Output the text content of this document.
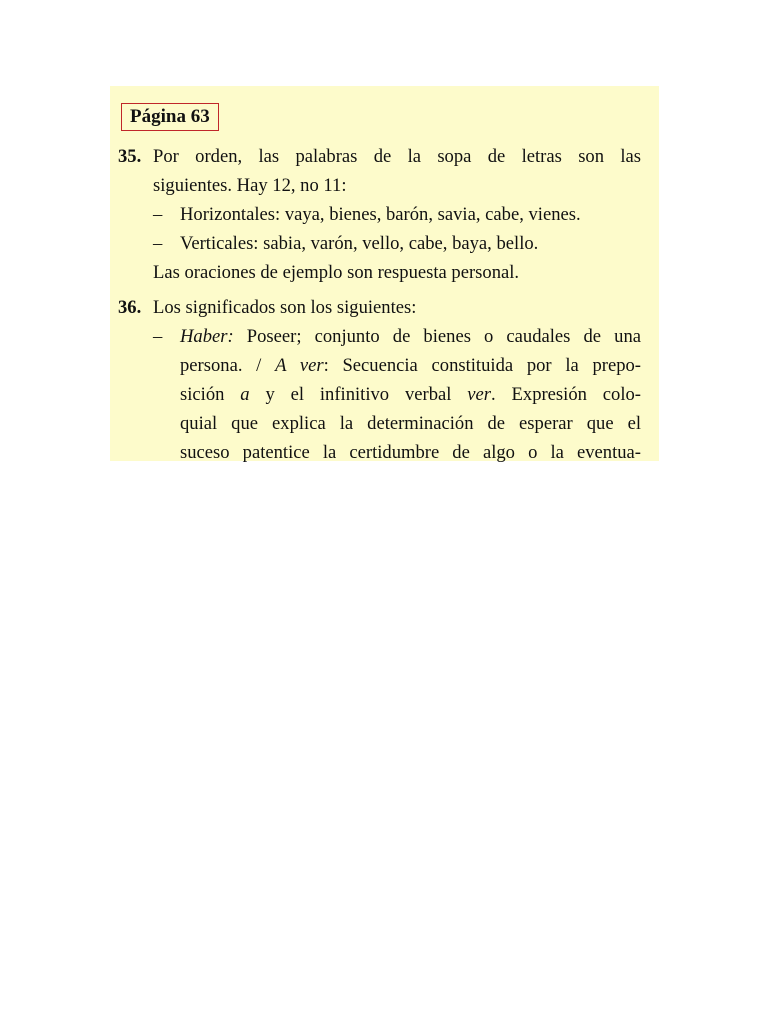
Página 63
35. Por orden, las palabras de la sopa de letras son las
siguientes. Hay 12, no 11:
– Horizontales: vaya, bienes, barón, savia, cabe, vienes.
– Verticales: sabia, varón, vello, cabe, baya, bello.
Las oraciones de ejemplo son respuesta personal.
36. Los significados son los siguientes:
– Haber: Poseer; conjunto de bienes o caudales de una
persona. / A ver: Secuencia constituida por la prepo-
sición a y el infinitivo verbal ver. Expresión colo-
quial que explica la determinación de esperar que el
suceso patentice la certidumbre de algo o la eventua-
